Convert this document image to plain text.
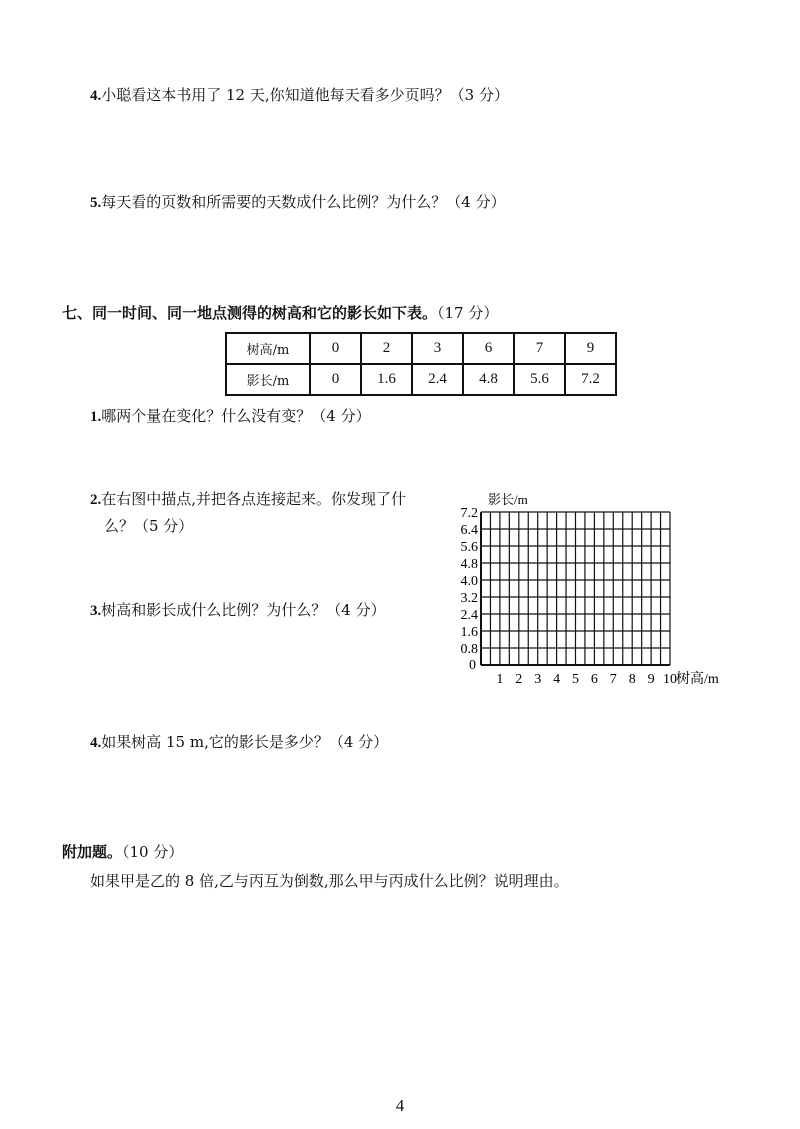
4.小聪看这本书用了 12 天,你知道他每天看多少页吗？（3 分）
5.每天看的页数和所需要的天数成什么比例？为什么？（4 分）
七、同一时间、同一地点测得的树高和它的影长如下表。（17 分）
树高/m	0	2	3	6	7	9
影长/m	0	1.6	2.4	4.8	5.6	7.2
1.哪两个量在变化？什么没有变？（4 分）
2.在右图中描点,并把各点连接起来。你发现了什
么？（5 分）
3.树高和影长成什么比例？为什么？（4 分）
4.如果树高 15 m,它的影长是多少？（4 分）
0.8
1.6
2.4
3.2
4.0
4.8
5.6
6.4
7.2
1 2 3 4 5 6 7 8 9 10
0
影长/m
树高/m
附加题。（10 分）
如果甲是乙的 8 倍,乙与丙互为倒数,那么甲与丙成什么比例？说明理由。
4
